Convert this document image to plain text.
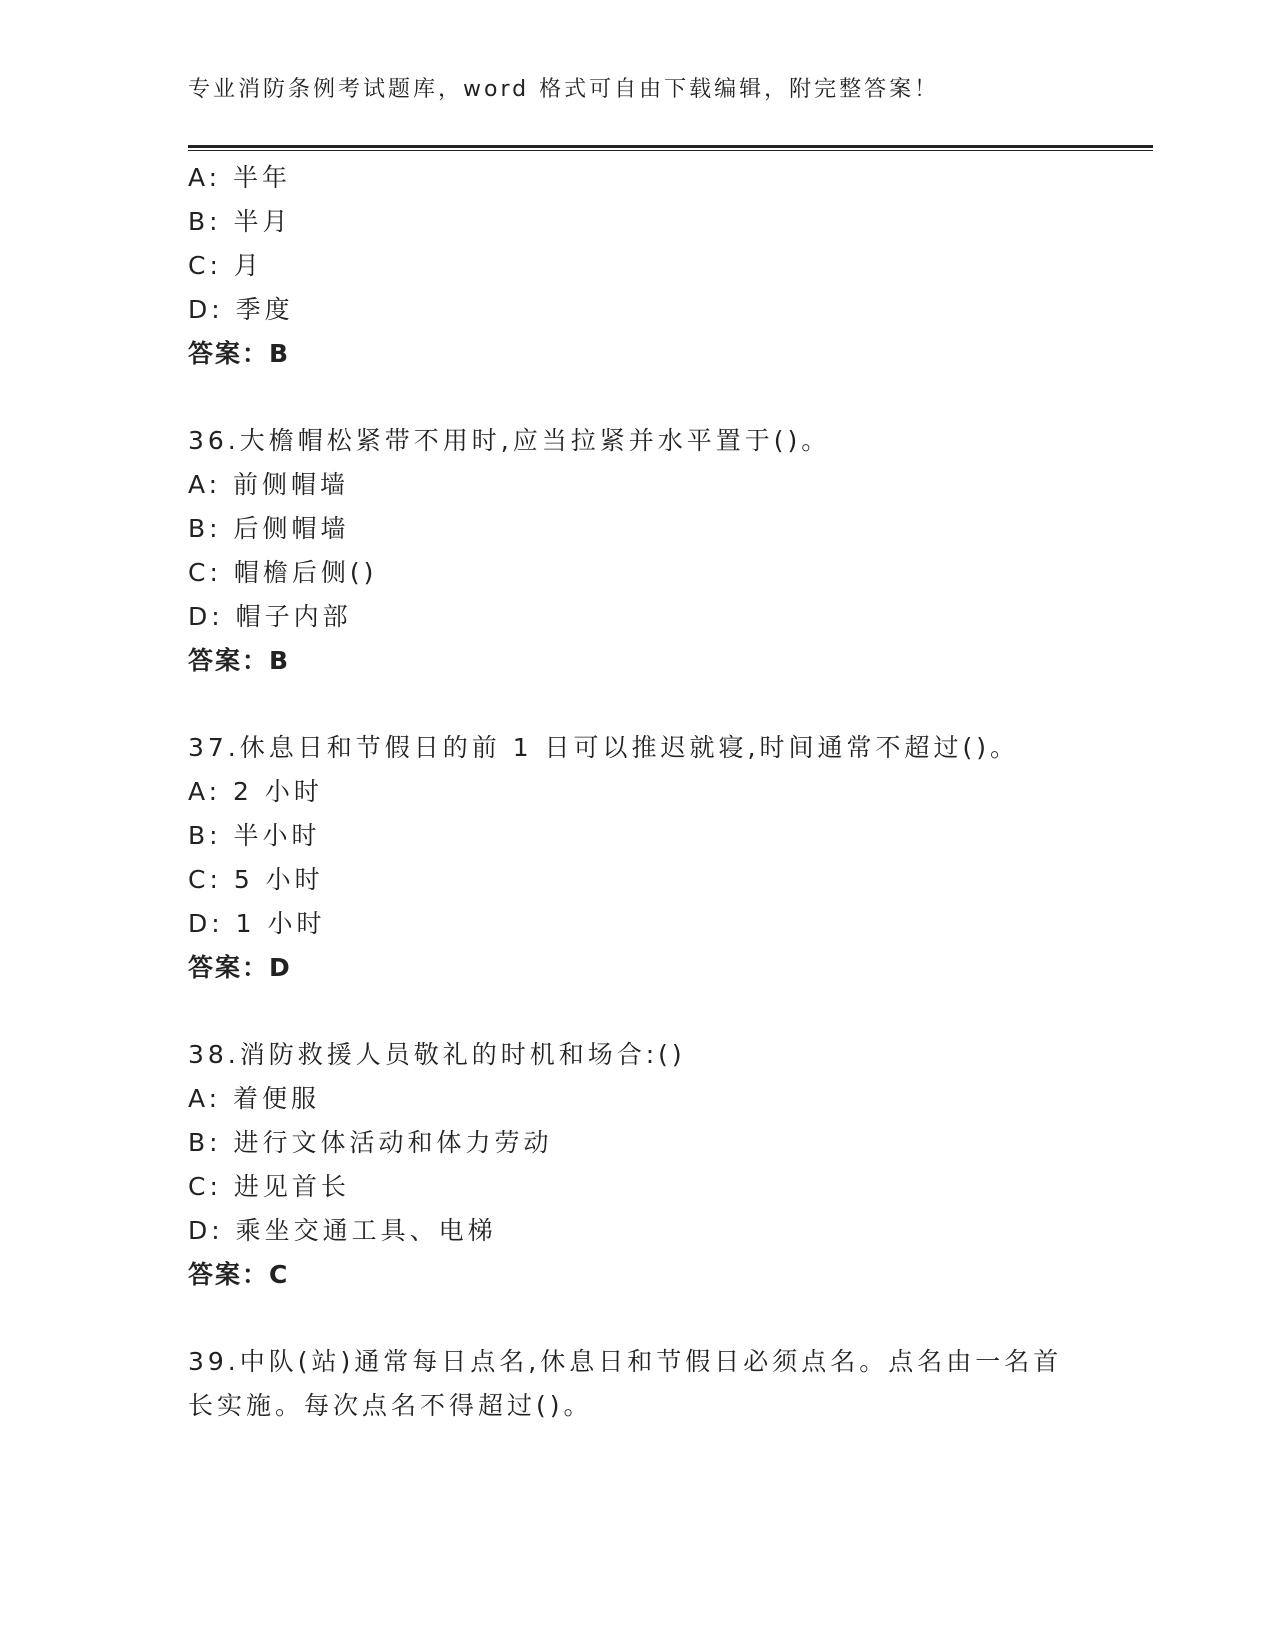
专业消防条例考试题库，word 格式可自由下载编辑，附完整答案！
A: 半年
B: 半月
C: 月
D: 季度
答案：B
36.大檐帽松紧带不用时,应当拉紧并水平置于()。
A: 前侧帽墙
B: 后侧帽墙
C: 帽檐后侧()
D: 帽子内部
答案：B
37.休息日和节假日的前 1 日可以推迟就寝,时间通常不超过()。
A: 2 小时
B: 半小时
C: 5 小时
D: 1 小时
答案：D
38.消防救援人员敬礼的时机和场合:()
A: 着便服
B: 进行文体活动和体力劳动
C: 进见首长
D: 乘坐交通工具、电梯
答案：C
39.中队(站)通常每日点名,休息日和节假日必须点名。点名由一名首
长实施。每次点名不得超过()。
